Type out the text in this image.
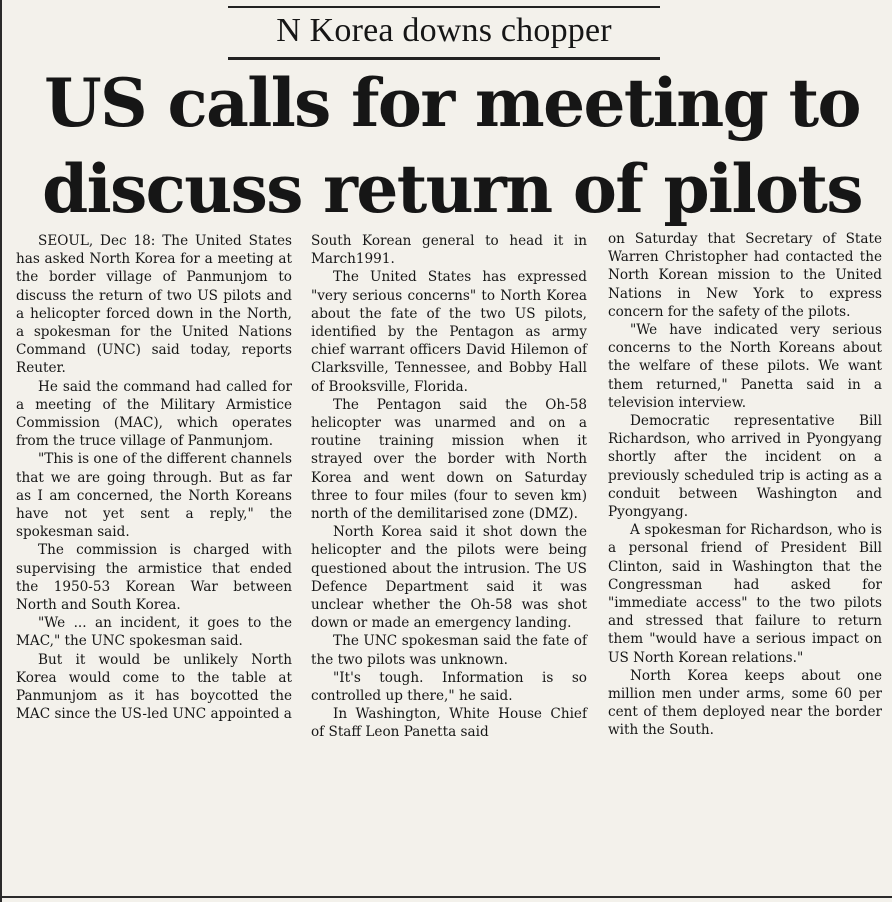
N Korea downs chopper
US calls for meeting to
discuss return of pilots

SEOUL, Dec 18: The United States has asked North Korea for a meeting at the border village of Panmunjom to discuss the return of two US pilots and a helicopter forced down in the North, a spokesman for the United Nations Command (UNC) said today, reports Reuter.

He said the command had called for a meeting of the Military Armistice Commission (MAC), which operates from the truce village of Panmunjom.

"This is one of the different channels that we are going through. But as far as I am concerned, the North Koreans have not yet sent a reply," the spokesman said.

The commission is charged with supervising the armistice that ended the 1950-53 Korean War between North and South Korea.

"We ... an incident, it goes to the MAC," the UNC spokesman said.

But it would be unlikely North Korea would come to the table at Panmunjom as it has boycotted the MAC since the US-led UNC appointed a

South Korean general to head it in March1991.

The United States has expressed "very serious concerns" to North Korea about the fate of the two US pilots, identified by the Pentagon as army chief warrant officers David Hilemon of Clarksville, Tennessee, and Bobby Hall of Brooksville, Florida.

The Pentagon said the Oh-58 helicopter was unarmed and on a routine training mission when it strayed over the border with North Korea and went down on Saturday three to four miles (four to seven km) north of the demilitarised zone (DMZ).

North Korea said it shot down the helicopter and the pilots were being questioned about the intrusion. The US Defence Department said it was unclear whether the Oh-58 was shot down or made an emergency landing.

The UNC spokesman said the fate of the two pilots was unknown.

"It's tough. Information is so controlled up there," he said.

In Washington, White House Chief of Staff Leon Panetta said

on Saturday that Secretary of State Warren Christopher had contacted the North Korean mission to the United Nations in New York to express concern for the safety of the pilots.

"We have indicated very serious concerns to the North Koreans about the welfare of these pilots. We want them returned," Panetta said in a television interview.

Democratic representative Bill Richardson, who arrived in Pyongyang shortly after the incident on a previously scheduled trip is acting as a conduit between Washington and Pyongyang.

A spokesman for Richardson, who is a personal friend of President Bill Clinton, said in Washington that the Congressman had asked for "immediate access" to the two pilots and stressed that failure to return them "would have a serious impact on US North Korean relations."

North Korea keeps about one million men under arms, some 60 per cent of them deployed near the border with the South.
